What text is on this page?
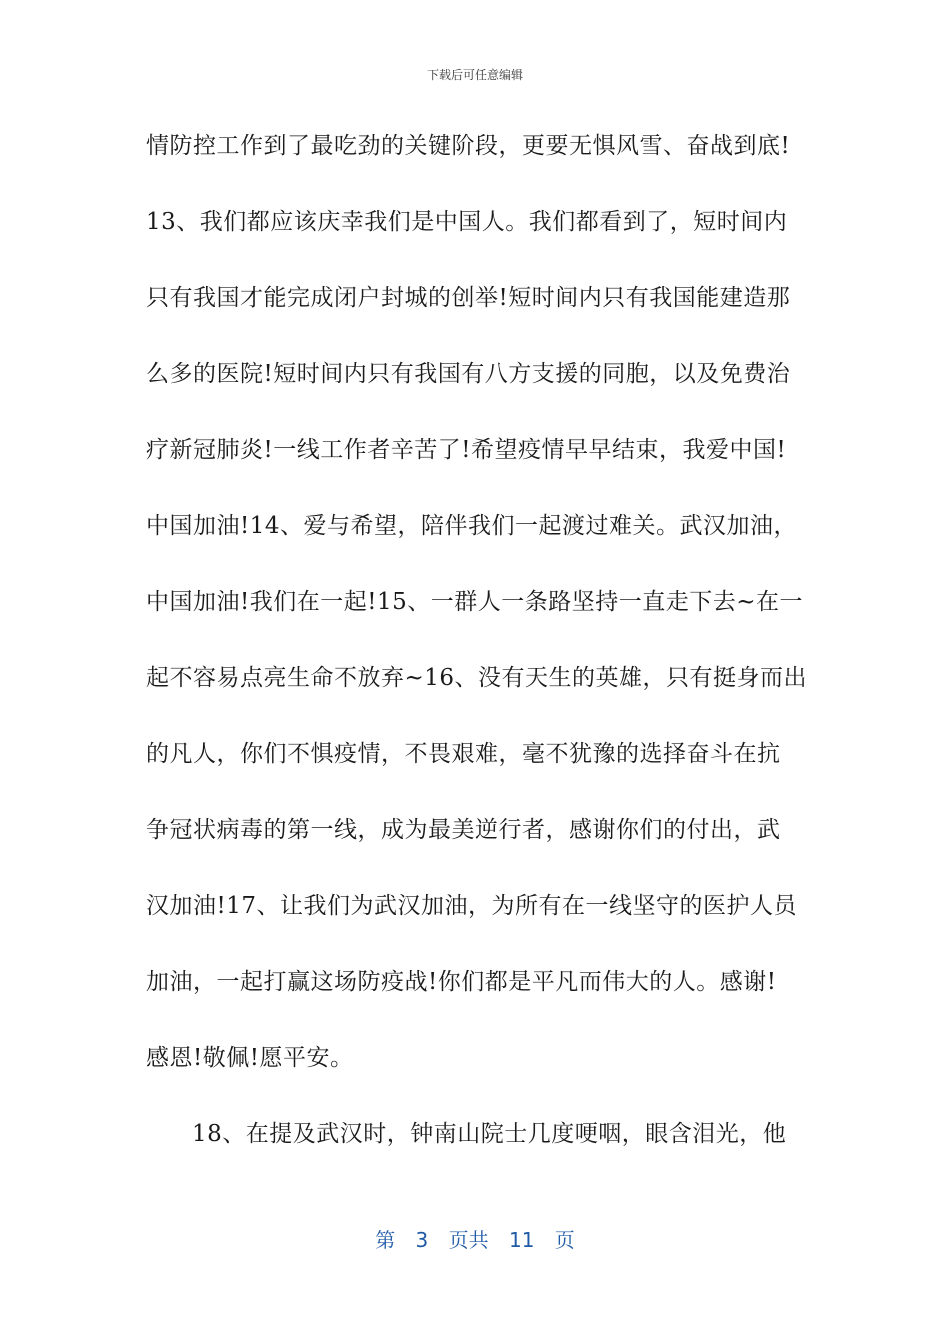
下载后可任意编辑
情防控工作到了最吃劲的关键阶段，更要无惧风雪、奋战到底!
13、我们都应该庆幸我们是中国人。我们都看到了，短时间内
只有我国才能完成闭户封城的创举!短时间内只有我国能建造那
么多的医院!短时间内只有我国有八方支援的同胞，以及免费治
疗新冠肺炎!一线工作者辛苦了!希望疫情早早结束，我爱中国!
中国加油!14、爱与希望，陪伴我们一起渡过难关。武汉加油，
中国加油!我们在一起!15、一群人一条路坚持一直走下去~在一
起不容易点亮生命不放弃~16、没有天生的英雄，只有挺身而出
的凡人，你们不惧疫情，不畏艰难，毫不犹豫的选择奋斗在抗
争冠状病毒的第一线，成为最美逆行者，感谢你们的付出，武
汉加油!17、让我们为武汉加油，为所有在一线坚守的医护人员
加油，一起打赢这场防疫战!你们都是平凡而伟大的人。感谢!
感恩!敬佩!愿平安。
18、在提及武汉时，钟南山院士几度哽咽，眼含泪光，他
第 3 页共 11 页
